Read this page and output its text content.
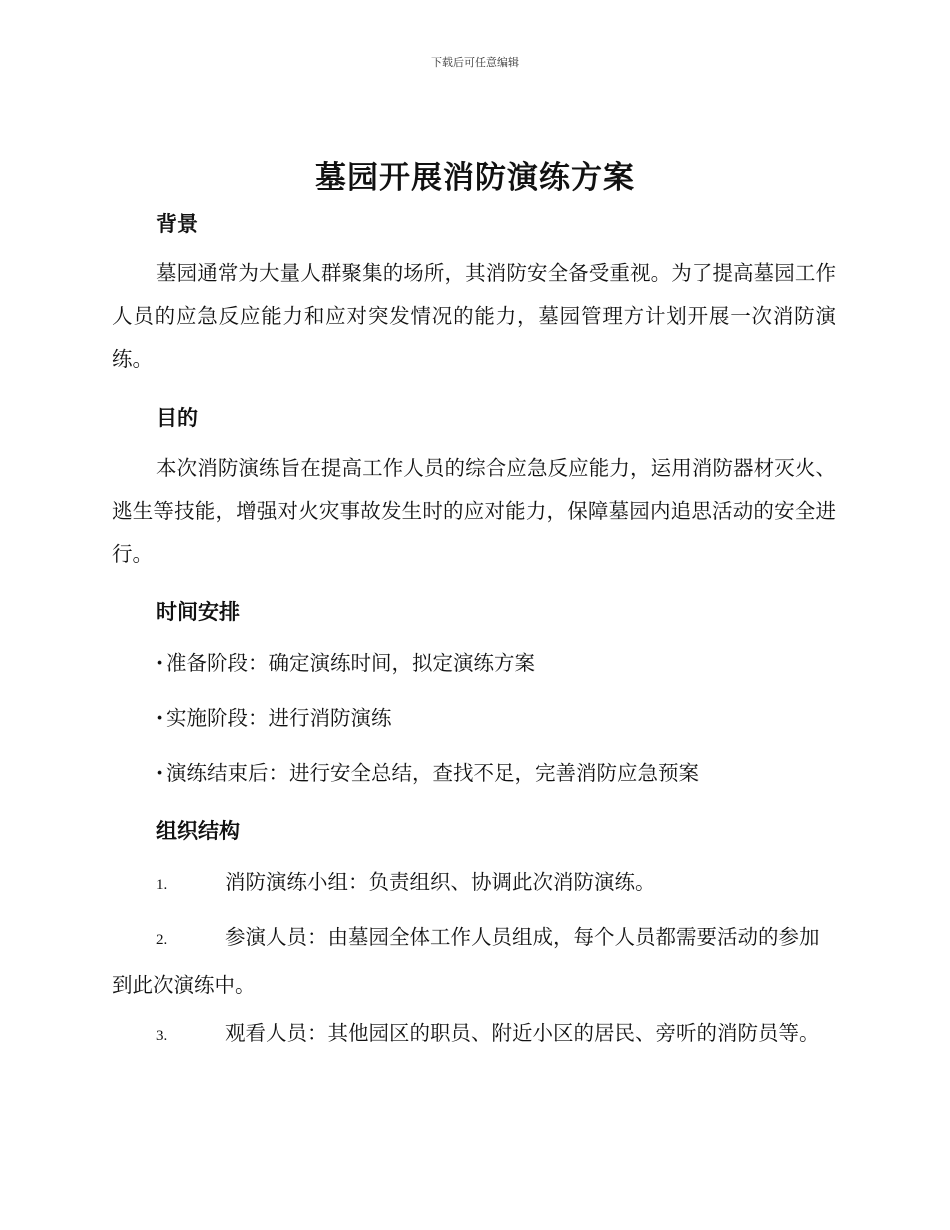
下载后可任意编辑
墓园开展消防演练方案
背景

墓园通常为大量人群聚集的场所，其消防安全备受重视。为了提高墓园工作人员的应急反应能力和应对突发情况的能力，墓园管理方计划开展一次消防演练。

目的

本次消防演练旨在提高工作人员的综合应急反应能力，运用消防器材灭火、逃生等技能，增强对火灾事故发生时的应对能力，保障墓园内追思活动的安全进行。

时间安排

· 准备阶段：确定演练时间，拟定演练方案

· 实施阶段：进行消防演练

· 演练结束后：进行安全总结，查找不足，完善消防应急预案

组织结构

1.	消防演练小组：负责组织、协调此次消防演练。

2.	参演人员：由墓园全体工作人员组成，每个人员都需要活动的参加到此次演练中。

3.	观看人员：其他园区的职员、附近小区的居民、旁听的消防员等。
